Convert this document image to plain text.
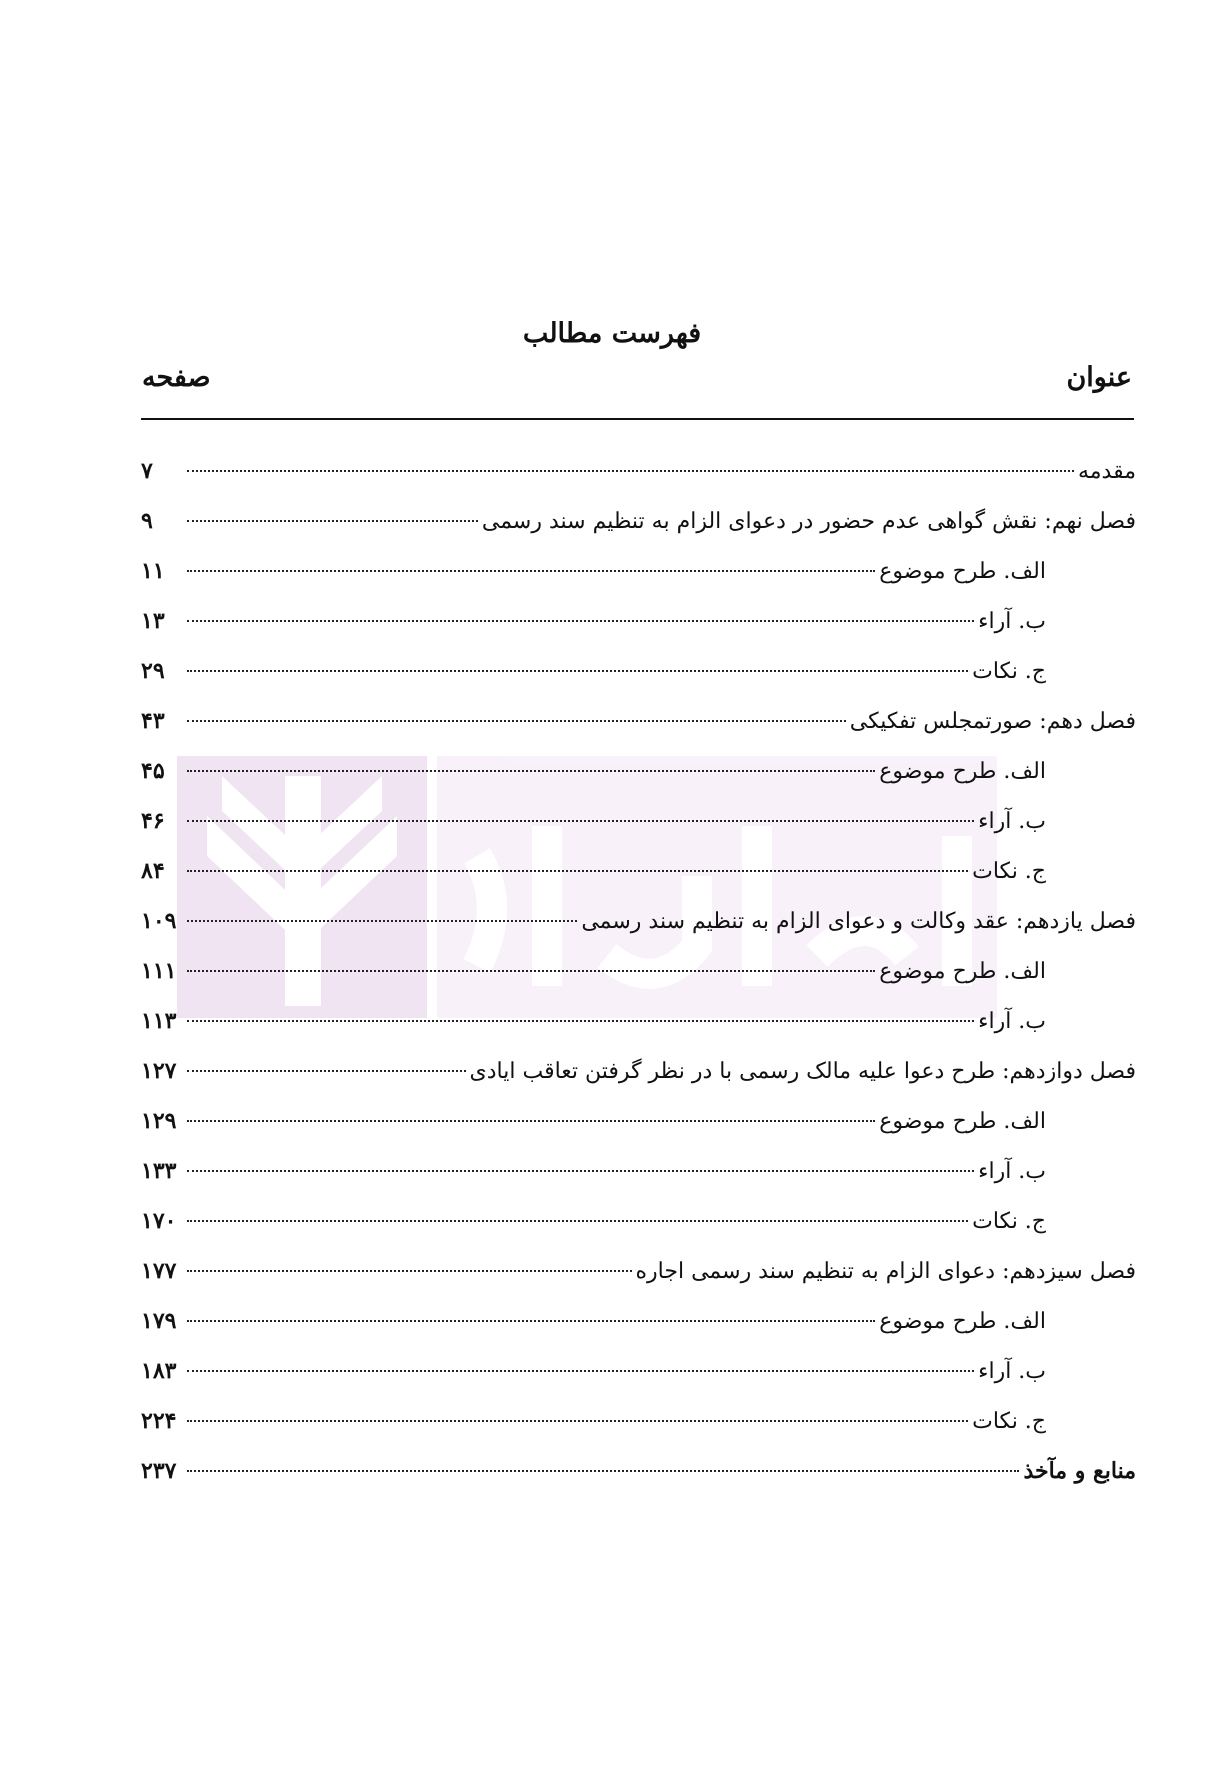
فهرست مطالب
عنوان
صفحه
مقدمه
۷
فصل نهم: نقش گواهی عدم حضور در دعوای الزام به تنظیم سند رسمی
۹
الف. طرح موضوع
۱۱
ب. آراء
۱۳
ج. نکات
۲۹
فصل دهم: صورتمجلس تفکیکی
۴۳
الف. طرح موضوع
۴۵
ب. آراء
۴۶
ج. نکات
۸۴
فصل یازدهم: عقد وکالت و دعوای الزام به تنظیم سند رسمی
۱۰۹
الف. طرح موضوع
۱۱۱
ب. آراء
۱۱۳
فصل دوازدهم: طرح دعوا علیه مالک رسمی با در نظر گرفتن تعاقب ایادی
۱۲۷
الف. طرح موضوع
۱۲۹
ب. آراء
۱۳۳
ج. نکات
۱۷۰
فصل سیزدهم: دعوای الزام به تنظیم سند رسمی اجاره
۱۷۷
الف. طرح موضوع
۱۷۹
ب. آراء
۱۸۳
ج. نکات
۲۲۴
منابع و مآخذ
۲۳۷
